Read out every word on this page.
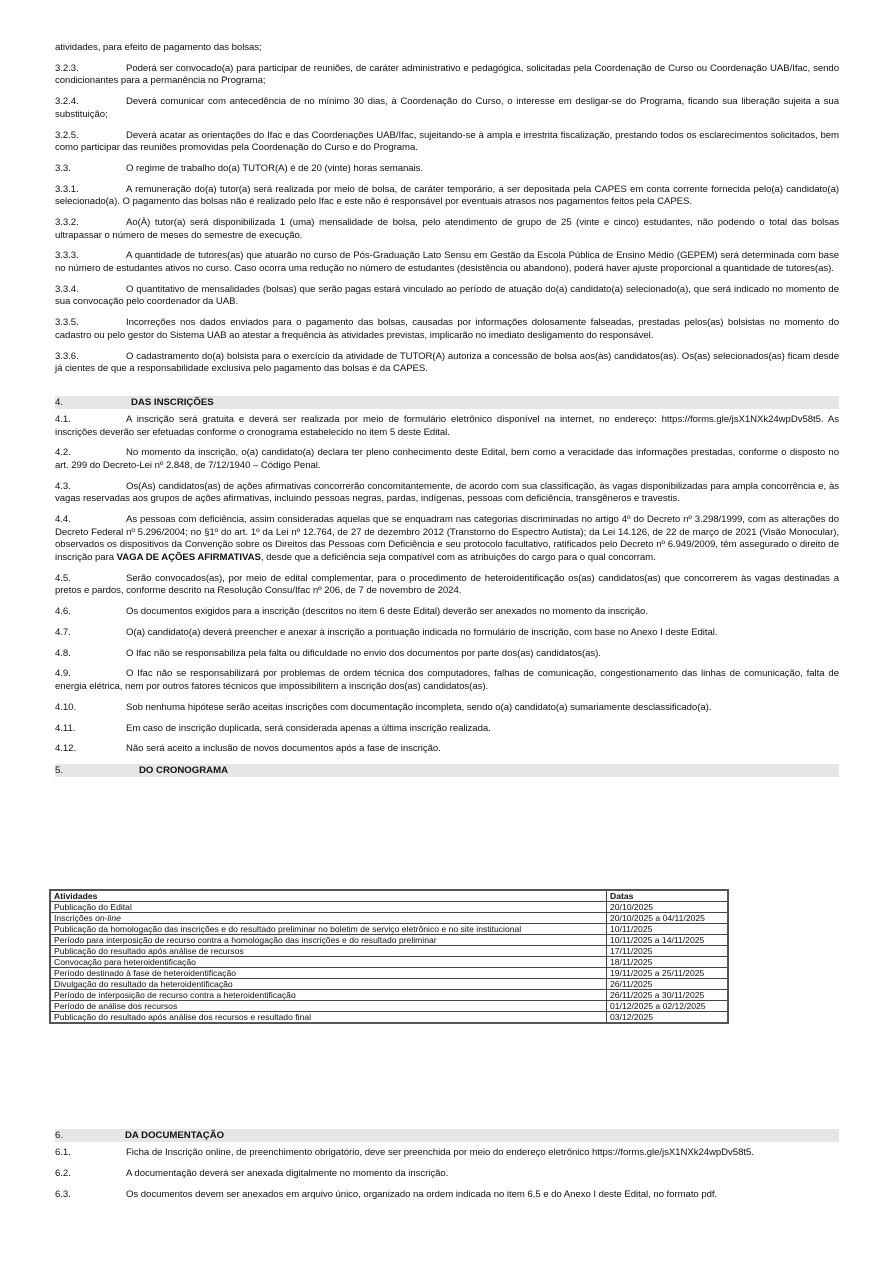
atividades, para efeito de pagamento das bolsas;

3.2.3.	Poderá ser convocado(a) para participar de reuniões, de caráter administrativo e pedagógica, solicitadas pela Coordenação de Curso ou Coordenação UAB/Ifac, sendo condicionantes para a permanência no Programa;

3.2.4.	Deverá comunicar com antecedência de no mínimo 30 dias, à Coordenação do Curso, o interesse em desligar-se do Programa, ficando sua liberação sujeita a sua substituição;

3.2.5.	Deverá acatar as orientações do Ifac e das Coordenações UAB/Ifac, sujeitando-se à ampla e irrestrita fiscalização, prestando todos os esclarecimentos solicitados, bem como participar das reuniões promovidas pela Coordenação do Curso e do Programa.

3.3.	O regime de trabalho do(a) TUTOR(A) é de 20 (vinte) horas semanais.

3.3.1.	A remuneração do(a) tutor(a) será realizada por meio de bolsa, de caráter temporário, a ser depositada pela CAPES em conta corrente fornecida pelo(a) candidato(a) selecionado(a). O pagamento das bolsas não é realizado pelo Ifac e este não é responsável por eventuais atrasos nos pagamentos feitos pela CAPES.

3.3.2.	Ao(À) tutor(a) será disponibilizada 1 (uma) mensalidade de bolsa, pelo atendimento de grupo de 25 (vinte e cinco) estudantes, não podendo o total das bolsas ultrapassar o número de meses do semestre de execução.

3.3.3.	A quantidade de tutores(as) que atuarão no curso de Pós-Graduação Lato Sensu em Gestão da Escola Pública de Ensino Médio (GEPEM) será determinada com base no número de estudantes ativos no curso. Caso ocorra uma redução no número de estudantes (desistência ou abandono), poderá haver ajuste proporcional a quantidade de tutores(as).

3.3.4.	O quantitativo de mensalidades (bolsas) que serão pagas estará vinculado ao período de atuação do(a) candidato(a) selecionado(a), que será indicado no momento de sua convocação pelo coordenador da UAB.

3.3.5.	Incorreções nos dados enviados para o pagamento das bolsas, causadas por informações dolosamente falseadas, prestadas pelos(as) bolsistas no momento do cadastro ou pelo gestor do Sistema UAB ao atestar a frequência às atividades previstas, implicarão no imediato desligamento do responsável.

3.3.6.	O cadastramento do(a) bolsista para o exercício da atividade de TUTOR(A) autoriza a concessão de bolsa aos(às) candidatos(as). Os(as) selecionados(as) ficam desde já cientes de que a responsabilidade exclusiva pelo pagamento das bolsas é da CAPES.

4.	DAS INSCRIÇÕES

4.1.	A inscrição será gratuita e deverá ser realizada por meio de formulário eletrônico disponível na internet, no endereço: https://forms.gle/jsX1NXk24wpDv58t5. As inscrições deverão ser efetuadas conforme o cronograma estabelecido no item 5 deste Edital.

4.2.	No momento da inscrição, o(a) candidato(a) declara ter pleno conhecimento deste Edital, bem como a veracidade das informações prestadas, conforme o disposto no art. 299 do Decreto-Lei nº 2.848, de 7/12/1940 – Código Penal.

4.3.	Os(As) candidatos(as) de ações afirmativas concorrerão concomitantemente, de acordo com sua classificação, às vagas disponibilizadas para ampla concorrência e, às vagas reservadas aos grupos de ações afirmativas, incluindo pessoas negras, pardas, indígenas, pessoas com deficiência, transgêneros e travestis.

4.4.	As pessoas com deficiência, assim consideradas aquelas que se enquadram nas categorias discriminadas no artigo 4º do Decreto nº 3.298/1999, com as alterações do Decreto Federal nº 5.296/2004; no §1º do art. 1º da Lei nº 12.764, de 27 de dezembro 2012 (Transtorno do Espectro Autista); da Lei 14.126, de 22 de março de 2021 (Visão Monocular), observados os dispositivos da Convenção sobre os Direitos das Pessoas com Deficiência e seu protocolo facultativo, ratificados pelo Decreto nº 6.949/2009, têm assegurado o direito de inscrição para VAGA DE AÇÕES AFIRMATIVAS, desde que a deficiência seja compatível com as atribuições do cargo para o qual concorram.

4.5.	Serão convocados(as), por meio de edital complementar, para o procedimento de heteroidentificação os(as) candidatos(as) que concorrerem às vagas destinadas a pretos e pardos, conforme descrito na Resolução Consu/Ifac nº 206, de 7 de novembro de 2024.

4.6.	Os documentos exigidos para a inscrição (descritos no item 6 deste Edital) deverão ser anexados no momento da inscrição.

4.7.	O(a) candidato(a) deverá preencher e anexar à inscrição a pontuação indicada no formulário de inscrição, com base no Anexo I deste Edital.

4.8.	O Ifac não se responsabiliza pela falta ou dificuldade no envio dos documentos por parte dos(as) candidatos(as).

4.9.	O Ifac não se responsabilizará por problemas de ordem técnica dos computadores, falhas de comunicação, congestionamento das linhas de comunicação, falta de energia elétrica, nem por outros fatores técnicos que impossibilitem a inscrição dos(as) candidatos(as).

4.10.	Sob nenhuma hipótese serão aceitas inscrições com documentação incompleta, sendo o(a) candidato(a) sumariamente desclassificado(a).

4.11.	Em caso de inscrição duplicada, será considerada apenas a última inscrição realizada.

4.12.	Não será aceito a inclusão de novos documentos após a fase de inscrição.

5.	DO CRONOGRAMA
Atividades	Datas
Publicação do Edital	20/10/2025
Inscrições on-line	20/10/2025 a 04/11/2025
Publicação da homologação das inscrições e do resultado preliminar no boletim de serviço eletrônico e no site institucional	10/11/2025
Período para interposição de recurso contra a homologação das inscrições e do resultado preliminar	10/11/2025 a 14/11/2025
Publicação do resultado após análise de recursos	17/11/2025
Convocação para heteroidentificação	18/11/2025
Período destinado à fase de heteroidentificação	19/11/2025 a 25/11/2025
Divulgação do resultado da heteroidentificação	26/11/2025
Período de interposição de recurso contra a heteroidentificação	26/11/2025 a 30/11/2025
Período de análise dos recursos	01/12/2025 a 02/12/2025
Publicação do resultado após análise dos recursos e resultado final	03/12/2025
6.	DA DOCUMENTAÇÃO

6.1.	Ficha de Inscrição online, de preenchimento obrigatório, deve ser preenchida por meio do endereço eletrônico https://forms.gle/jsX1NXk24wpDv58t5.

6.2.	A documentação deverá ser anexada digitalmente no momento da inscrição.

6.3.	Os documentos devem ser anexados em arquivo único, organizado na ordem indicada no item 6.5 e do Anexo I deste Edital, no formato pdf.
